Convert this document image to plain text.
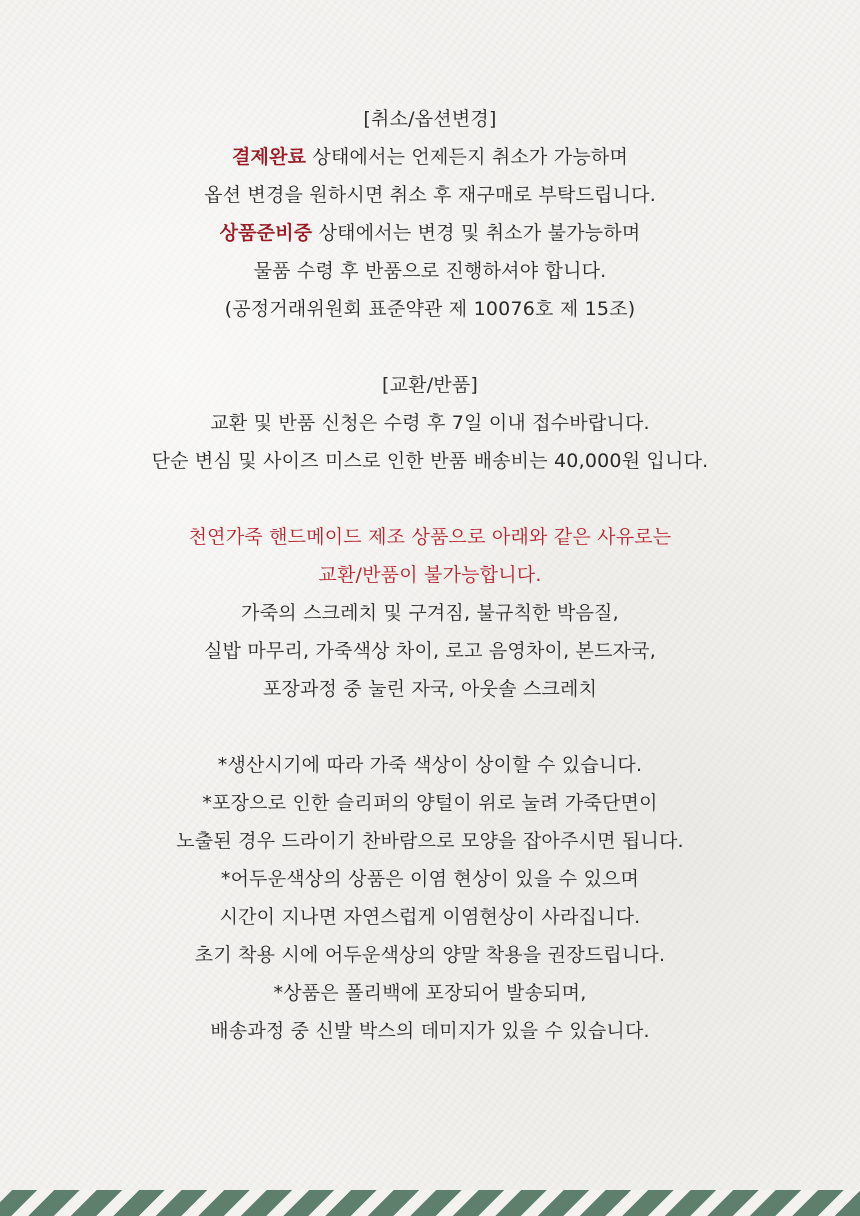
[취소/옵션변경]
결제완료 상태에서는 언제든지 취소가 가능하며
옵션 변경을 원하시면 취소 후 재구매로 부탁드립니다.
상품준비중 상태에서는 변경 및 취소가 불가능하며
물품 수령 후 반품으로 진행하셔야 합니다.
(공정거래위원회 표준약관 제 10076호 제 15조)
[교환/반품]
교환 및 반품 신청은 수령 후 7일 이내 접수바랍니다.
단순 변심 및 사이즈 미스로 인한 반품 배송비는 40,000원 입니다.
천연가죽 핸드메이드 제조 상품으로 아래와 같은 사유로는
교환/반품이 불가능합니다.
가죽의 스크레치 및 구겨짐, 불규칙한 박음질,
실밥 마무리, 가죽색상 차이, 로고 음영차이, 본드자국,
포장과정 중 눌린 자국, 아웃솔 스크레치
*생산시기에 따라 가죽 색상이 상이할 수 있습니다.
*포장으로 인한 슬리퍼의 양털이 위로 눌려 가죽단면이
노출된 경우 드라이기 찬바람으로 모양을 잡아주시면 됩니다.
*어두운색상의 상품은 이염 현상이 있을 수 있으며
시간이 지나면 자연스럽게 이염현상이 사라집니다.
초기 착용 시에 어두운색상의 양말 착용을 권장드립니다.
*상품은 폴리백에 포장되어 발송되며,
배송과정 중 신발 박스의 데미지가 있을 수 있습니다.
